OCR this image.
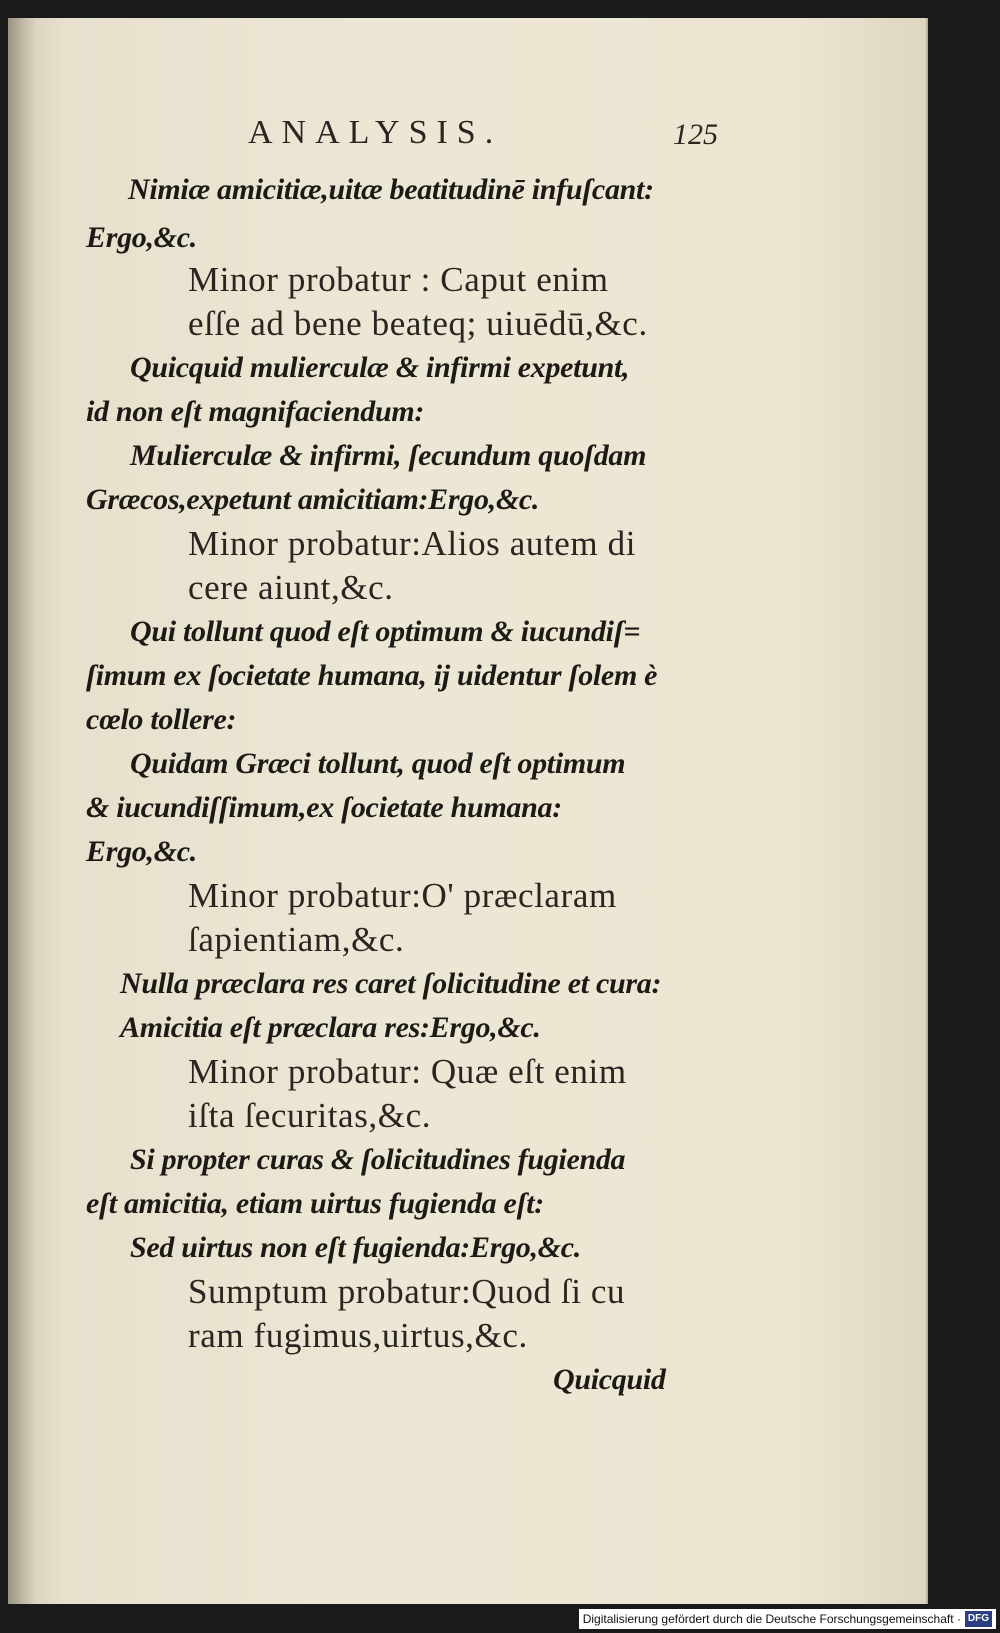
ANALYSIS.	125
Nimiæ amicitiæ,uitæ beatitudinē infuſcant:
Ergo,&c.
Minor probatur : Caput enim
eſſe ad bene beateq; uiuēdū,&c.
Quicquid mulierculæ & infirmi expetunt,
id non eſt magnifaciendum:
Mulierculæ & infirmi, ſecundum quoſdam
Græcos,expetunt amicitiam:Ergo,&c.
Minor probatur:Alios autem di
cere aiunt,&c.
Qui tollunt quod eſt optimum & iucundiſ=
ſimum ex ſocietate humana, ij uidentur ſolem è
cœlo tollere:
Quidam Græci tollunt, quod eſt optimum
& iucundiſſimum,ex ſocietate humana:
Ergo,&c.
Minor probatur:O' præclaram
ſapientiam,&c.
Nulla præclara res caret ſolicitudine et cura:
Amicitia eſt præclara res:Ergo,&c.
Minor probatur: Quæ eſt enim
iſta ſecuritas,&c.
Si propter curas & ſolicitudines fugienda
eſt amicitia, etiam uirtus fugienda eſt:
Sed uirtus non eſt fugienda:Ergo,&c.
Sumptum probatur:Quod ſi cu
ram fugimus,uirtus,&c.
Quicquid
Digitalisierung gefördert durch die Deutsche Forschungsgemeinschaft · DFG
